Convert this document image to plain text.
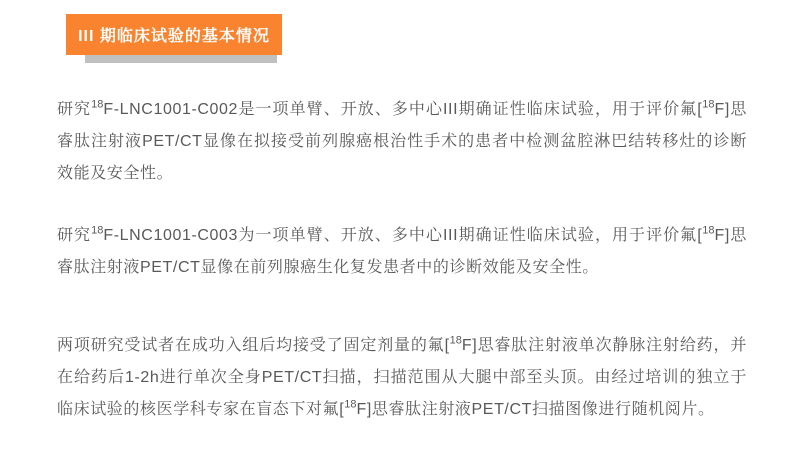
III 期临床试验的基本情况

研究$^{18}$F-LNC1001-C002是一项单臂、开放、多中心III期确证性临床试验，用于评价氟[$^{18}$F]思睿肽注射液PET/CT显像在拟接受前列腺癌根治性手术的患者中检测盆腔淋巴结转移灶的诊断效能及安全性。

研究$^{18}$F-LNC1001-C003为一项单臂、开放、多中心III期确证性临床试验，用于评价氟[$^{18}$F]思睿肽注射液PET/CT显像在前列腺癌生化复发患者中的诊断效能及安全性。

两项研究受试者在成功入组后均接受了固定剂量的氟[$^{18}$F]思睿肽注射液单次静脉注射给药，并在给药后1-2h进行单次全身PET/CT扫描，扫描范围从大腿中部至头顶。由经过培训的独立于临床试验的核医学科专家在盲态下对氟[$^{18}$F]思睿肽注射液PET/CT扫描图像进行随机阅片。
